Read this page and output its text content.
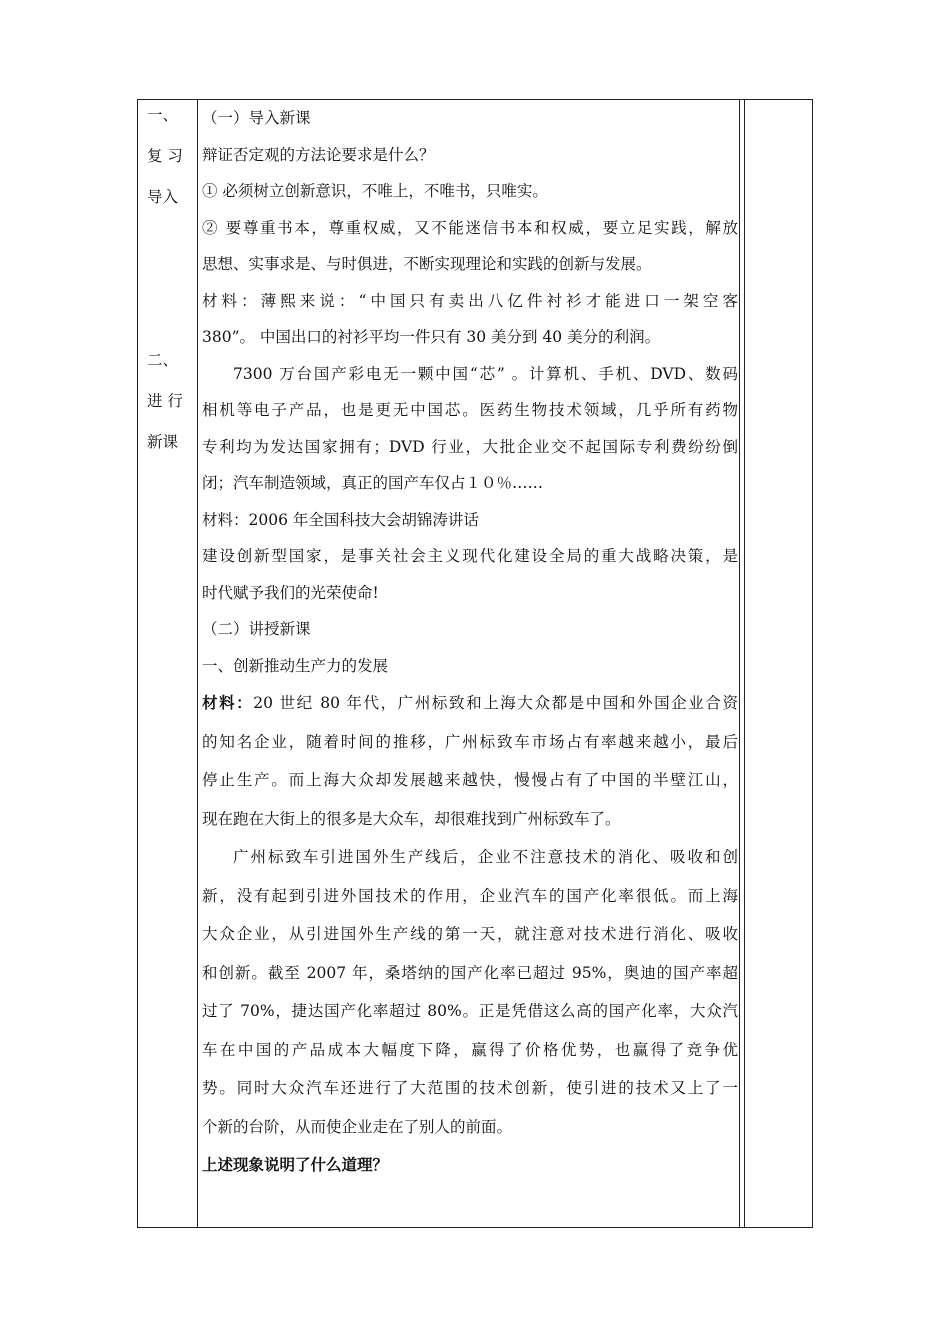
一、
复 习
导入
二、
进 行
新课
（一）导入新课
辩证否定观的方法论要求是什么？
① 必须树立创新意识，不唯上，不唯书，只唯实。
② 要尊重书本，尊重权威，又不能迷信书本和权威，要立足实践，解放
思想、实事求是、与时俱进，不断实现理论和实践的创新与发展。
材料：薄熙来说：“中国只有卖出八亿件衬衫才能进口一架空客
380”。 中国出口的衬衫平均一件只有 30 美分到 40 美分的利润。
7300 万台国产彩电无一颗中国“芯” 。计算机、手机、DVD、数码
相机等电子产品，也是更无中国芯。医药生物技术领域，几乎所有药物
专利均为发达国家拥有；DVD 行业，大批企业交不起国际专利费纷纷倒
闭；汽车制造领域，真正的国产车仅占１０％……
材料：2006 年全国科技大会胡锦涛讲话
建设创新型国家，是事关社会主义现代化建设全局的重大战略决策，是
时代赋予我们的光荣使命!
（二）讲授新课
一、创新推动生产力的发展
材料：20 世纪 80 年代，广州标致和上海大众都是中国和外国企业合资
的知名企业，随着时间的推移，广州标致车市场占有率越来越小，最后
停止生产。而上海大众却发展越来越快，慢慢占有了中国的半壁江山，
现在跑在大街上的很多是大众车，却很难找到广州标致车了。
广州标致车引进国外生产线后，企业不注意技术的消化、吸收和创
新，没有起到引进外国技术的作用，企业汽车的国产化率很低。而上海
大众企业，从引进国外生产线的第一天，就注意对技术进行消化、吸收
和创新。截至 2007 年，桑塔纳的国产化率已超过 95%，奥迪的国产率超
过了 70%，捷达国产化率超过 80%。正是凭借这么高的国产化率，大众汽
车在中国的产品成本大幅度下降，赢得了价格优势，也赢得了竞争优
势。同时大众汽车还进行了大范围的技术创新，使引进的技术又上了一
个新的台阶，从而使企业走在了别人的前面。
上述现象说明了什么道理？
